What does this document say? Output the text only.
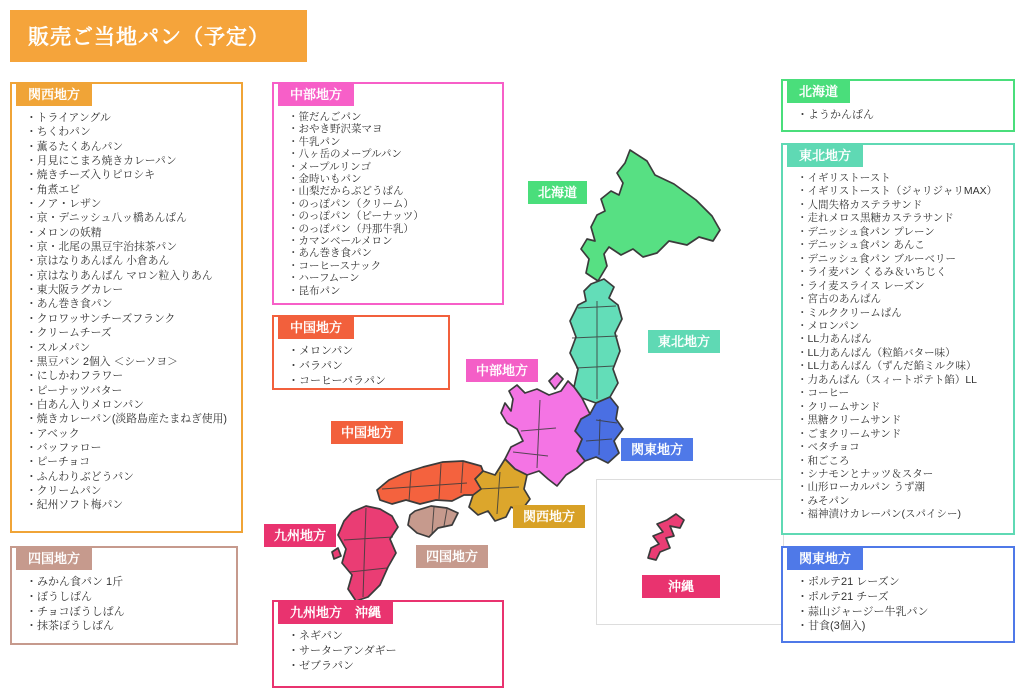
販売ご当地パン（予定）
北海道
東北地方
中部地方
中国地方
関東地方
関西地方
四国地方
九州地方
沖縄
関西地方
・トライアングル
・ちくわパン
・薫るたくあんパン
・月見にこまろ焼きカレーパン
・焼きチーズ入りピロシキ
・角煮エビ
・ノア・レザン
・京・デニッシュ八ッ橋あんぱん
・メロンの妖精
・京・北尾の黒豆宇治抹茶パン
・京はなりあんぱん 小倉あん
・京はなりあんぱん マロン粒入りあん
・東大阪ラグカレー
・あん巻き食パン
・クロワッサンチーズフランク
・クリームチーズ
・スルメパン
・黒豆パン 2個入 ＜シーソヨ＞
・にしかわフラワー
・ピーナッツバター
・白あん入りメロンパン
・焼きカレーパン(淡路島産たまねぎ使用)
・アベック
・バッファロー
・ピーチョコ
・ふんわりぶどうパン
・クリームパン
・紀州ソフト梅パン
四国地方
・みかん食パン 1斤
・ぼうしぱん
・チョコぼうしぱん
・抹茶ぼうしぱん
中部地方
・笹だんごパン
・おやき野沢菜マヨ
・牛乳パン
・八ヶ岳のメープルパン
・メープルリンゴ
・金時いもパン
・山梨だからぶどうぱん
・のっぽパン（クリーム）
・のっぽパン（ピーナッツ）
・のっぽパン（丹那牛乳）
・カマンベールメロン
・あん巻き食パン
・コーヒースナック
・ハーフムーン
・昆布パン
中国地方
・メロンパン
・バラパン
・コーヒーバラパン
九州地方　沖縄
・ネギパン
・サーターアンダギー
・ゼブラパン
北海道
・ようかんぱん
東北地方
・イギリストースト
・イギリストースト（ジャリジャリMAX）
・人間失格カステラサンド
・走れメロス黒糖カステラサンド
・デニッシュ食パン プレーン
・デニッシュ食パン あんこ
・デニッシュ食パン ブルーベリー
・ライ麦パン くるみ＆いちじく
・ライ麦スライス レーズン
・宮古のあんぱん
・ミルククリームぱん
・メロンパン
・LL力あんぱん
・LL力あんぱん（粒餡バター味）
・LL力あんぱん（ずんだ餡ミルク味）
・力あんぱん（スィートポテト餡）LL
・コーヒー
・クリームサンド
・黒糖クリームサンド
・ごまクリームサンド
・ベタチョコ
・和ごころ
・シナモンとナッツ＆スター
・山形ローカルパン うず潮
・みそパン
・福神漬けカレーパン(スパイシー)
関東地方
・ポルテ21 レーズン
・ポルテ21 チーズ
・蒜山ジャージー牛乳パン
・甘食(3個入)
